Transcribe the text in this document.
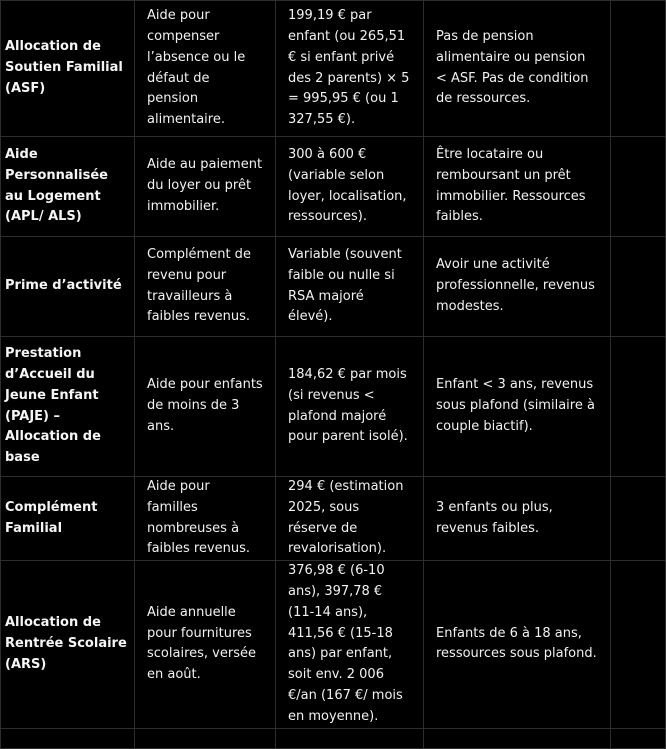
Allocation de Soutien Familial (ASF)	Aide pour compenser l’absence ou le défaut de pension alimentaire.	199,19 € par enfant (ou 265,51 € si enfant privé des 2 parents) × 5 = 995,95 € (ou 1 327,55 €).	Pas de pension alimentaire ou pension < ASF. Pas de condition de ressources.	

Aide Personnalisée au Logement (APL/ ALS)	Aide au paiement du loyer ou prêt immobilier.	300 à 600 € (variable selon loyer, localisation, ressources).	Être locataire ou remboursant un prêt immobilier. Ressources faibles.	

Prime d’activité	Complément de revenu pour travailleurs à faibles revenus.	Variable (souvent faible ou nulle si RSA majoré élevé).	Avoir une activité professionnelle, revenus modestes.	

Prestation d’Accueil du Jeune Enfant (PAJE) – Allocation de base	Aide pour enfants de moins de 3 ans.	184,62 € par mois (si revenus < plafond majoré pour parent isolé).	Enfant < 3 ans, revenus sous plafond (similaire à couple biactif).	

Complément Familial	Aide pour familles nombreuses à faibles revenus.	294 € (estimation 2025, sous réserve de revalorisation).	3 enfants ou plus, revenus faibles.	

Allocation de Rentrée Scolaire (ARS)	Aide annuelle pour fournitures scolaires, versée en août.	376,98 € (6-10 ans), 397,78 € (11-14 ans), 411,56 € (15-18 ans) par enfant, soit env. 2 006 €/an (167 €/ mois en moyenne).	Enfants de 6 à 18 ans, ressources sous plafond.	
